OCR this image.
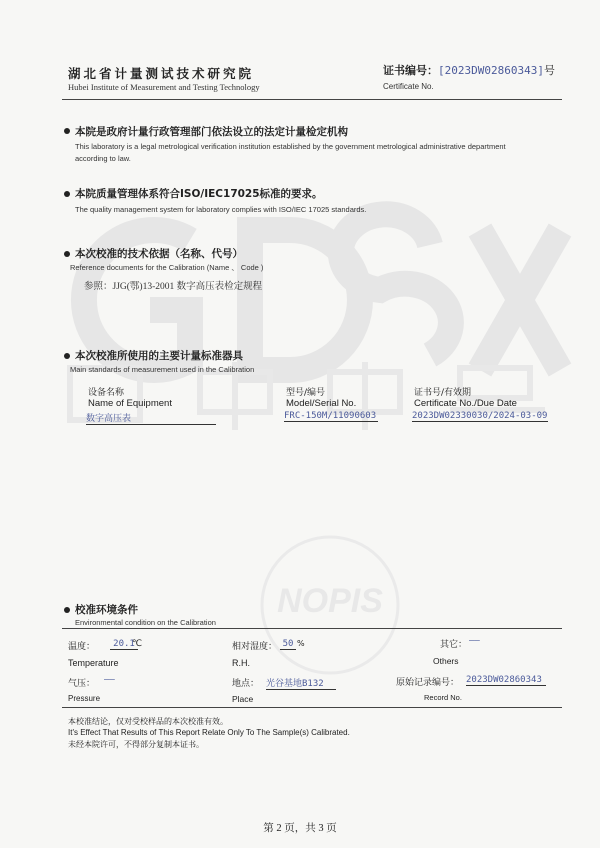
NOPIS
湖北省计量测试技术研究院
Hubei Institute of Measurement and Testing Technology
证书编号：[2023DW02860343]号
Certificate No.
本院是政府计量行政管理部门依法设立的法定计量检定机构
This laboratory is a legal metrological verification institution established by the government metrological administrative department
according to law.
本院质量管理体系符合ISO/IEC17025标准的要求。
The quality management system for laboratory complies with ISO/IEC 17025 standards.
本次校准的技术依据（名称、代号）
Reference documents for the Calibration (Name 、 Code )
参照：JJG(鄂)13-2001 数字高压表检定规程
本次校准所使用的主要计量标准器具
Main standards of measurement used in the Calibration
设备名称
Name of Equipment
数字高压表
型号/编号
Model/Serial No.
FRC-150M/11090603
证书号/有效期
Certificate No./Due Date
2023DW02330030/2024-03-09
校准环境条件
Environmental condition on the Calibration
温度：	20.1
℃
Temperature
相对湿度： 50 %
R.H.
其它： ——
Others
气压： ——
Pressure
地点： 光谷基地B132
Place
原始记录编号： 2023DW02860343
Record No.
本校准结论，仅对受校样品的本次校准有效。
It's Effect That Results of This Report Relate Only To The Sample(s) Calibrated.
未经本院许可，不得部分复制本证书。
第 2 页，共 3 页
